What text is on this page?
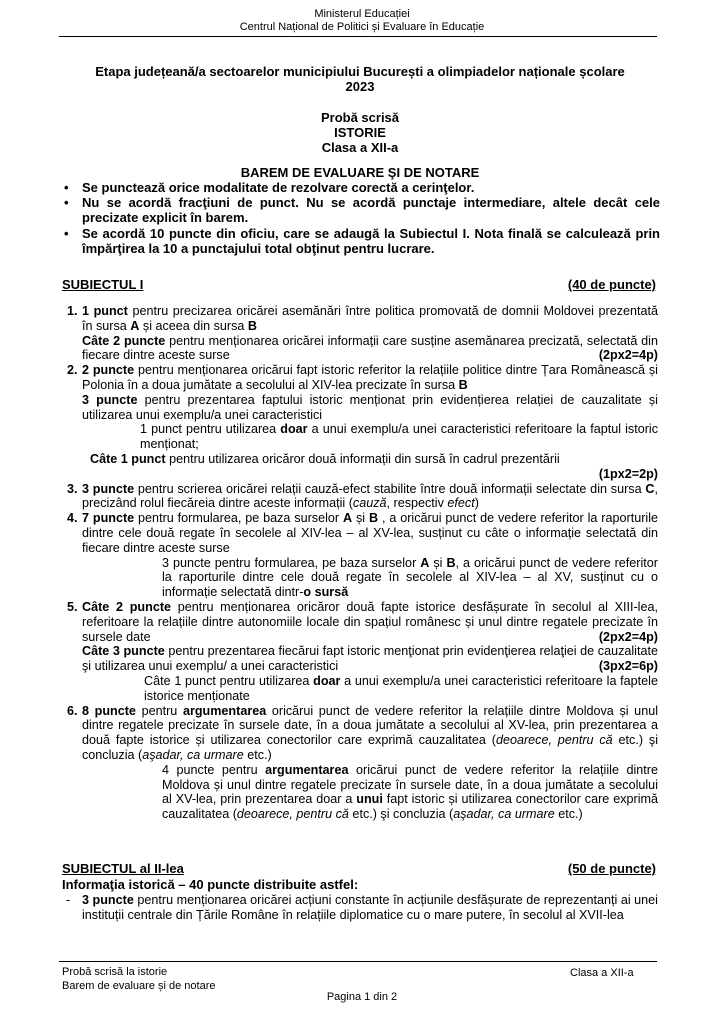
Ministerul Educației
Centrul Național de Politici și Evaluare în Educație
Etapa județeană/a sectoarelor municipiului București a olimpiadelor naționale școlare
2023
Probă scrisă
ISTORIE
Clasa a XII-a
BAREM DE EVALUARE ŞI DE NOTARE
• Se punctează orice modalitate de rezolvare corectă a cerinţelor.
• Nu se acordă fracţiuni de punct. Nu se acordă punctaje intermediare, altele decât cele precizate explicit în barem.
• Se acordă 10 puncte din oficiu, care se adaugă la Subiectul I. Nota finală se calculează prin împărţirea la 10 a punctajului total obţinut pentru lucrare.
SUBIECTUL I	(40 de puncte)
1. 1 punct pentru precizarea oricărei asemănări între politica promovată de domnii Moldovei prezentată în sursa A și aceea din sursa B
Câte 2 puncte pentru menționarea oricărei informații care susține asemănarea precizată, selectată din fiecare dintre aceste surse	(2px2=4p)
2. 2 puncte pentru menționarea oricărui fapt istoric referitor la relațiile politice dintre Țara Românească și Polonia în a doua jumătate a secolului al XIV-lea precizate în sursa B
3 puncte pentru prezentarea faptului istoric menționat prin evidențierea relației de cauzalitate și utilizarea unui exemplu/a unei caracteristici
1 punct pentru utilizarea doar a unui exemplu/a unei caracteristici referitoare la faptul istoric menționat;
Câte 1 punct pentru utilizarea oricăror două informații din sursă în cadrul prezentării
(1px2=2p)
3. 3 puncte pentru scrierea oricărei relații cauză-efect stabilite între două informații selectate din sursa C, precizând rolul fiecăreia dintre aceste informații (cauză, respectiv efect)
4. 7 puncte pentru formularea, pe baza surselor A și B , a oricărui punct de vedere referitor la raporturile dintre cele două regate în secolele al XIV-lea – al XV-lea, susținut cu câte o informație selectată din fiecare dintre aceste surse
3 puncte pentru formularea, pe baza surselor A și B, a oricărui punct de vedere referitor la raporturile dintre cele două regate în secolele al XIV-lea – al XV, susținut cu o informație selectată dintr-o sursă
5. Câte 2 puncte pentru menționarea oricăror două fapte istorice desfășurate în secolul al XIII-lea, referitoare la relațiile dintre autonomiile locale din spațiul românesc și unul dintre regatele precizate în sursele date	(2px2=4p)
Câte 3 puncte pentru prezentarea fiecărui fapt istoric menţionat prin evidenţierea relaţiei de cauzalitate şi utilizarea unui exemplu/ a unei caracteristici	(3px2=6p)
Câte 1 punct pentru utilizarea doar a unui exemplu/a unei caracteristici referitoare la faptele istorice menționate
6. 8 puncte pentru argumentarea oricărui punct de vedere referitor la relațiile dintre Moldova și unul dintre regatele precizate în sursele date, în a doua jumătate a secolului al XV-lea, prin prezentarea a două fapte istorice și utilizarea conectorilor care exprimă cauzalitatea (deoarece, pentru că etc.) şi concluzia (aşadar, ca urmare etc.)
4 puncte pentru argumentarea oricărui punct de vedere referitor la relațiile dintre Moldova și unul dintre regatele precizate în sursele date, în a doua jumătate a secolului al XV-lea, prin prezentarea doar a unui fapt istoric și utilizarea conectorilor care exprimă cauzalitatea (deoarece, pentru că etc.) şi concluzia (aşadar, ca urmare etc.)
SUBIECTUL al II-lea	(50 de puncte)
Informaţia istorică – 40 puncte distribuite astfel:
- 3 puncte pentru menționarea oricărei acțiuni constante în acțiunile desfășurate de reprezentanți ai unei instituții centrale din Țările Române în relațiile diplomatice cu o mare putere, în secolul al XVII-lea
Probă scrisă la istorie
Barem de evaluare și de notare
Clasa a XII-a
Pagina 1 din 2
